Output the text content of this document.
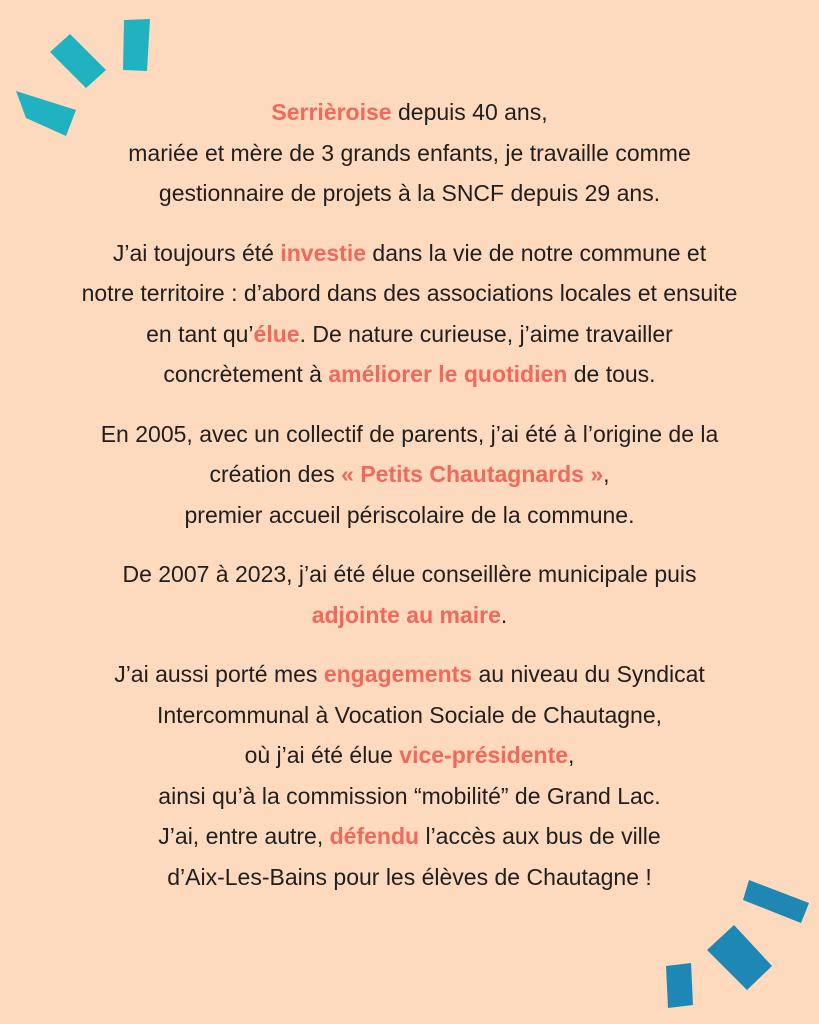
Serrièroise depuis 40 ans,
mariée et mère de 3 grands enfants, je travaille comme
gestionnaire de projets à la SNCF depuis 29 ans.
J’ai toujours été investie dans la vie de notre commune et
notre territoire : d’abord dans des associations locales et ensuite
en tant qu’élue. De nature curieuse, j’aime travailler
concrètement à améliorer le quotidien de tous.
En 2005, avec un collectif de parents, j’ai été à l’origine de la
création des « Petits Chautagnards »,
premier accueil périscolaire de la commune.
De 2007 à 2023, j’ai été élue conseillère municipale puis
adjointe au maire.
J’ai aussi porté mes engagements au niveau du Syndicat
Intercommunal à Vocation Sociale de Chautagne,
où j’ai été élue vice-présidente,
ainsi qu’à la commission “mobilité” de Grand Lac.
J’ai, entre autre, défendu l’accès aux bus de ville
d’Aix-Les-Bains pour les élèves de Chautagne !
